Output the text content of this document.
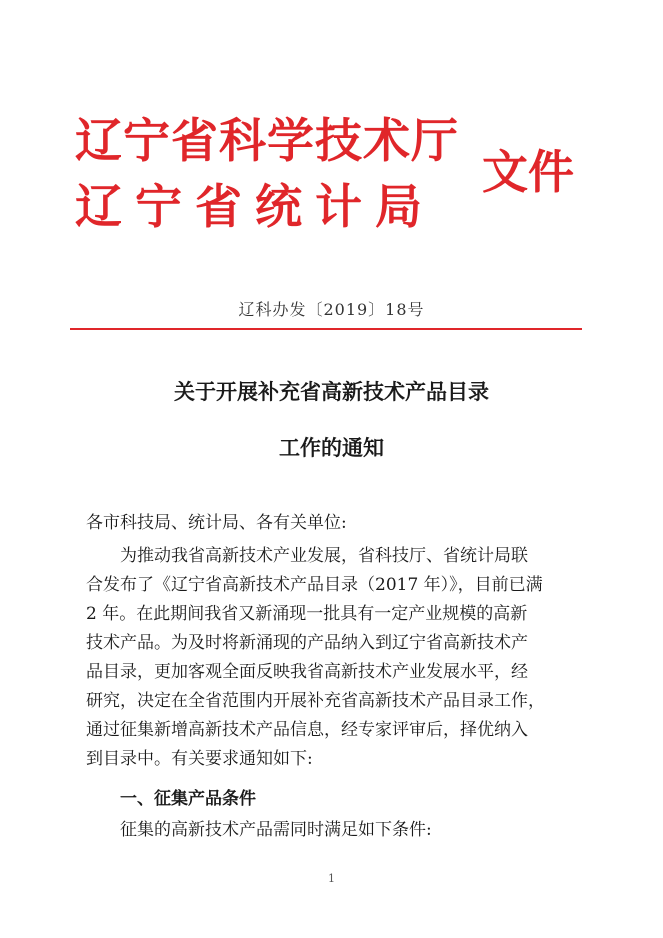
辽宁省科学技术厅
辽宁省统计局
文件
辽科办发〔2019〕18号
关于开展补充省高新技术产品目录
工作的通知
各市科技局、统计局、各有关单位:
为推动我省高新技术产业发展，省科技厅、省统计局联
合发布了《辽宁省高新技术产品目录（2017 年）》，目前已满
2 年。在此期间我省又新涌现一批具有一定产业规模的高新
技术产品。为及时将新涌现的产品纳入到辽宁省高新技术产
品目录，更加客观全面反映我省高新技术产业发展水平，经
研究，决定在全省范围内开展补充省高新技术产品目录工作，
通过征集新增高新技术产品信息，经专家评审后，择优纳入
到目录中。有关要求通知如下:
一、征集产品条件
征集的高新技术产品需同时满足如下条件:
1
